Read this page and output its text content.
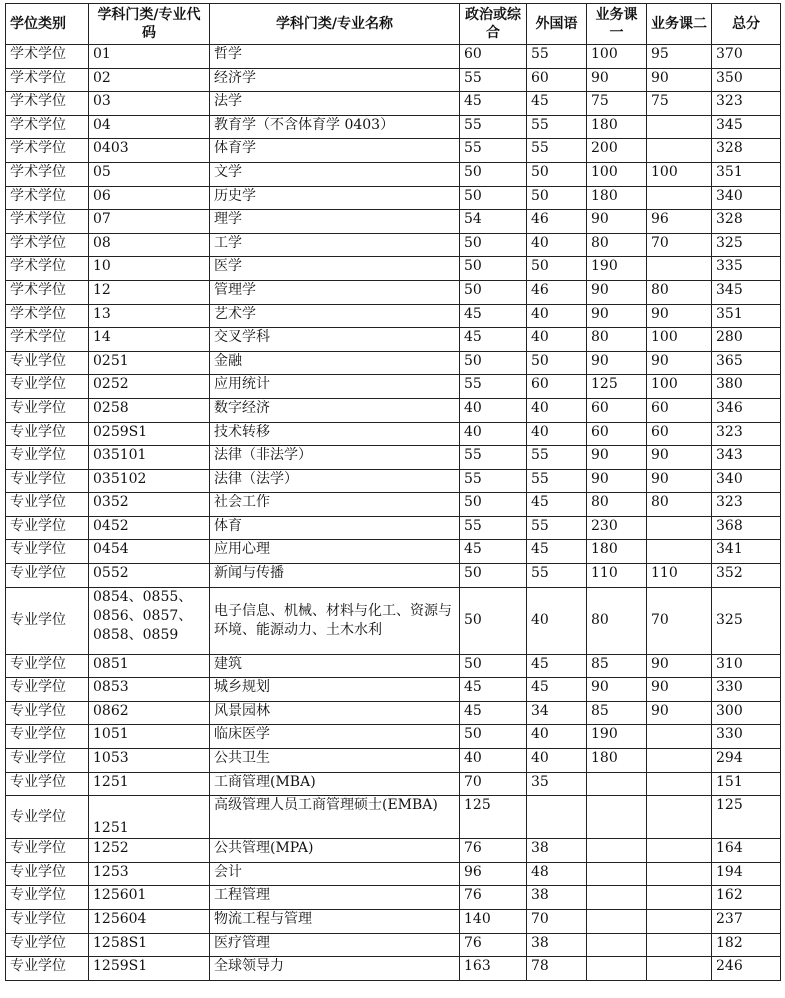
学位类别	学科门类/专业代码	学科门类/专业名称	政治或综合	外国语	业务课一	业务课二	总分
学术学位	01	哲学	60	55	100	95	370
学术学位	02	经济学	55	60	90	90	350
学术学位	03	法学	45	45	75	75	323
学术学位	04	教育学（不含体育学 0403）	55	55	180		345
学术学位	0403	体育学	55	55	200		328
学术学位	05	文学	50	50	100	100	351
学术学位	06	历史学	50	50	180		340
学术学位	07	理学	54	46	90	96	328
学术学位	08	工学	50	40	80	70	325
学术学位	10	医学	50	50	190		335
学术学位	12	管理学	50	46	90	80	345
学术学位	13	艺术学	45	40	90	90	351
学术学位	14	交叉学科	45	40	80	100	280
专业学位	0251	金融	50	50	90	90	365
专业学位	0252	应用统计	55	60	125	100	380
专业学位	0258	数字经济	40	40	60	60	346
专业学位	0259S1	技术转移	40	40	60	60	323
专业学位	035101	法律（非法学）	55	55	90	90	343
专业学位	035102	法律（法学）	55	55	90	90	340
专业学位	0352	社会工作	50	45	80	80	323
专业学位	0452	体育	55	55	230		368
专业学位	0454	应用心理	45	45	180		341
专业学位	0552	新闻与传播	50	55	110	110	352
专业学位	0854、0855、0856、0857、0858、0859	电子信息、机械、材料与化工、资源与环境、能源动力、土木水利	50	40	80	70	325
专业学位	0851	建筑	50	45	85	90	310
专业学位	0853	城乡规划	45	45	90	90	330
专业学位	0862	风景园林	45	34	85	90	300
专业学位	1051	临床医学	50	40	190		330
专业学位	1053	公共卫生	40	40	180		294
专业学位	1251	工商管理(MBA)	70	35			151
专业学位	1251	高级管理人员工商管理硕士(EMBA)	125				125
专业学位	1252	公共管理(MPA)	76	38			164
专业学位	1253	会计	96	48			194
专业学位	125601	工程管理	76	38			162
专业学位	125604	物流工程与管理	140	70			237
专业学位	1258S1	医疗管理	76	38			182
专业学位	1259S1	全球领导力	163	78			246
